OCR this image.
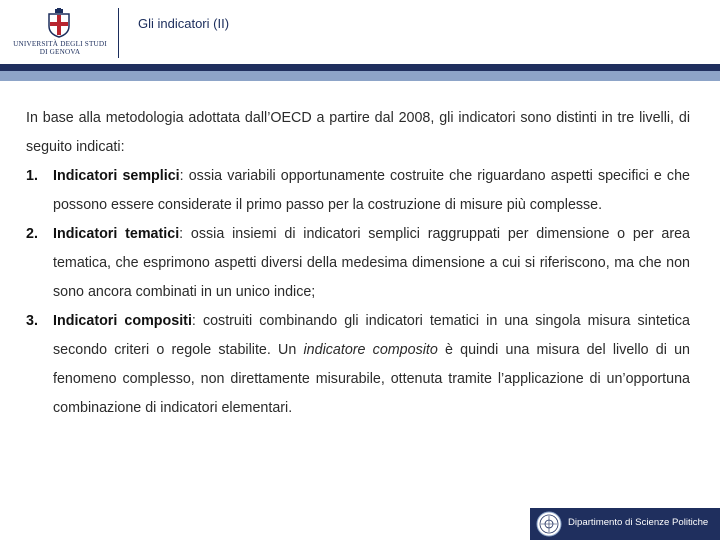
UNIVERSITÀ DEGLI STUDI
DI GENOVA
Gli indicatori (II)

In base alla metodologia adottata dall’OECD a partire dal 2008, gli indicatori sono distinti in tre livelli, di seguito indicati:

1. Indicatori semplici: ossia variabili opportunamente costruite che riguardano aspetti specifici e che possono essere considerate il primo passo per la costruzione di misure più complesse.

2. Indicatori tematici: ossia insiemi di indicatori semplici raggruppati per dimensione o per area tematica, che esprimono aspetti diversi della medesima dimensione a cui si riferiscono, ma che non sono ancora combinati in un unico indice;

3. Indicatori compositi: costruiti combinando gli indicatori tematici in una singola misura sintetica secondo criteri o regole stabilite. Un indicatore composito è quindi una misura del livello di un fenomeno complesso, non direttamente misurabile, ottenuta tramite l’applicazione di un’opportuna combinazione di indicatori elementari.

Dipartimento di Scienze Politiche
